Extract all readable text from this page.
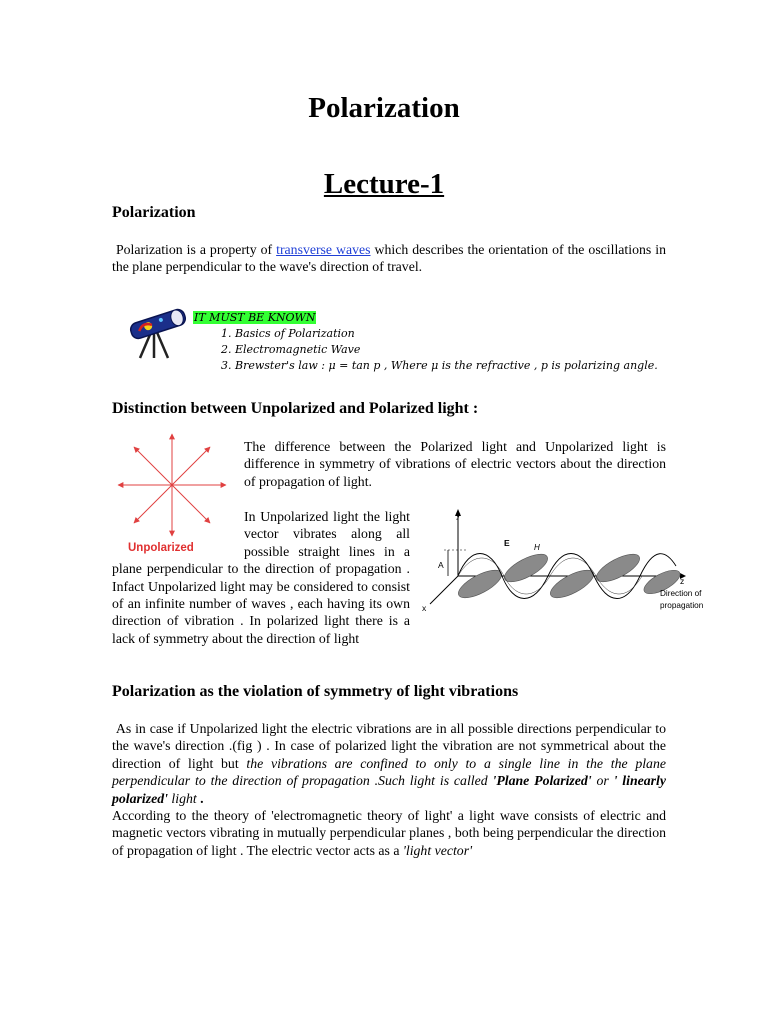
Polarization
Lecture-1
Polarization

Polarization is a property of transverse waves which describes the orientation of the oscillations in the plane perpendicular to the wave's direction of travel.

IT MUST BE KNOWN
1. Basics of Polarization
2. Electromagnetic Wave
3. Brewster's law : μ = tan p , Where μ is the refractive , p is polarizing angle.
Distinction between Unpolarized and Polarized light :
Unpolarized
The difference between the Polarized light and Unpolarized light is difference in symmetry of vibrations of electric vectors about the direction of propagation of light.
In Unpolarized light the light vector vibrates along all possible straight lines in a plane perpendicular to the direction of propagation . Infact Unpolarized light may be considered to consist of an infinite number of waves , each having its own direction of vibration . In polarized light there is a lack of symmetry about the direction of light
y
x
z
A
E	H
Direction of
propagation
Polarization as the violation of symmetry of light vibrations

As in case if Unpolarized light the electric vibrations are in all possible directions perpendicular to the wave's direction .(fig ) . In case of polarized light the vibration are not symmetrical about the direction of light but the vibrations are confined to only to a single line in the the plane perpendicular to the direction of propagation .Such light is called 'Plane Polarized' or ' linearly polarized' light .

According to the theory of 'electromagnetic theory of light' a light wave consists of electric and magnetic vectors vibrating in mutually perpendicular planes , both being perpendicular the direction of propagation of light . The electric vector acts as a 'light vector'
